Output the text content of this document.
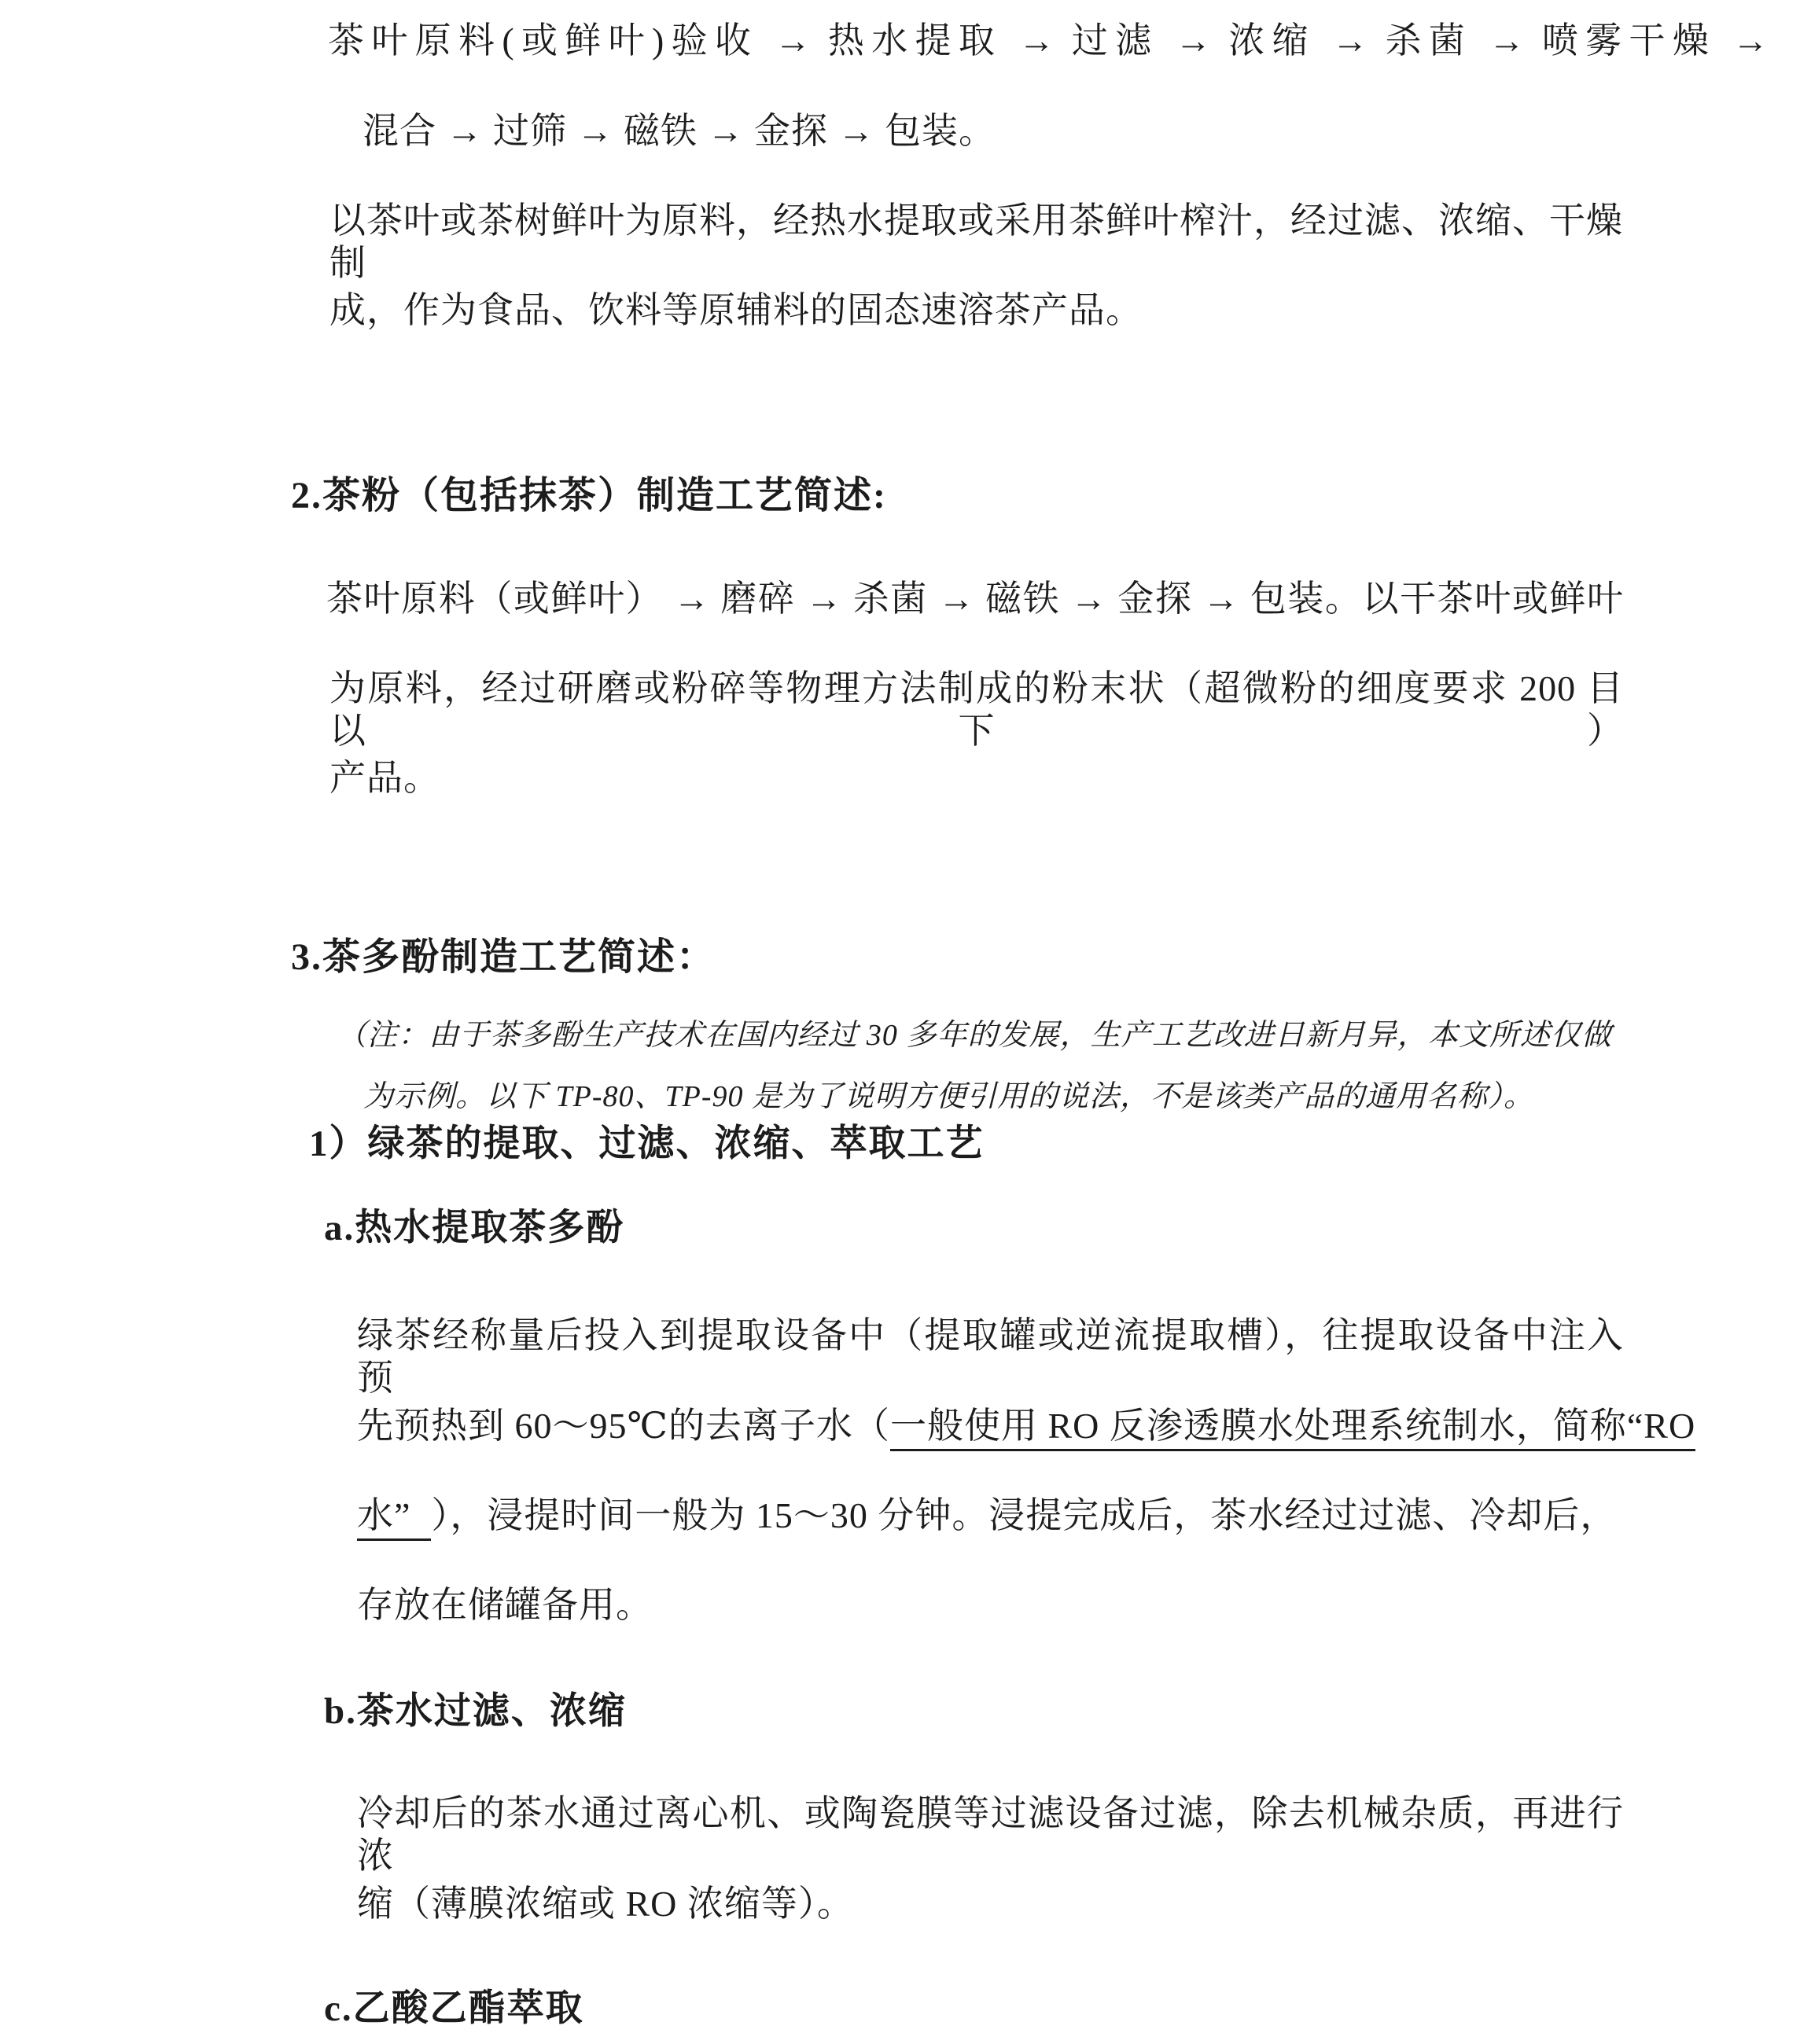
茶叶原料(或鲜叶)验收 → 热水提取 → 过滤 → 浓缩 → 杀菌 → 喷雾干燥 →
混合 → 过筛 → 磁铁 → 金探 → 包装。
以茶叶或茶树鲜叶为原料，经热水提取或采用茶鲜叶榨汁，经过滤、浓缩、干燥制
成，作为食品、饮料等原辅料的固态速溶茶产品。
2.茶粉（包括抹茶）制造工艺简述:
茶叶原料（或鲜叶） → 磨碎 → 杀菌 → 磁铁 → 金探 → 包装。以干茶叶或鲜叶
为原料，经过研磨或粉碎等物理方法制成的粉末状（超微粉的细度要求 200 目以下）
产品。
3.茶多酚制造工艺简述：
（注：由于茶多酚生产技术在国内经过 30 多年的发展，生产工艺改进日新月异，本文所述仅做
为示例。以下 TP-80、TP-90 是为了说明方便引用的说法，不是该类产品的通用名称）。
1）绿茶的提取、过滤、浓缩、萃取工艺
a.热水提取茶多酚
绿茶经称量后投入到提取设备中（提取罐或逆流提取槽），往提取设备中注入预
先预热到 60～95℃的去离子水（一般使用 RO 反渗透膜水处理系统制水，简称“RO
水” ），浸提时间一般为 15～30 分钟。浸提完成后，茶水经过过滤、冷却后，
存放在储罐备用。
b.茶水过滤、浓缩
冷却后的茶水通过离心机、或陶瓷膜等过滤设备过滤，除去机械杂质，再进行浓
缩（薄膜浓缩或 RO 浓缩等）。
c.乙酸乙酯萃取
